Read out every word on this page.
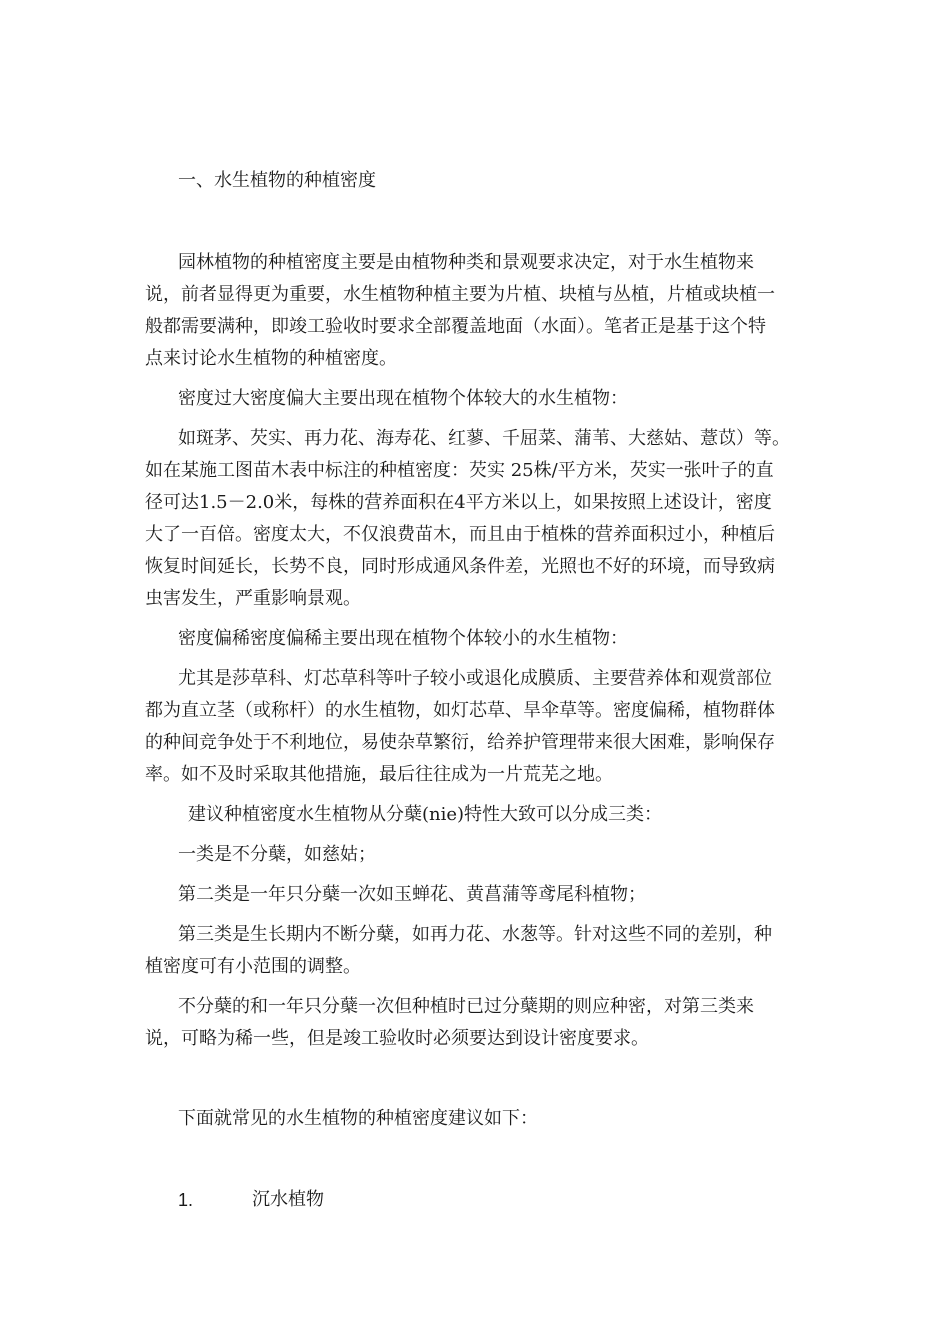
一、水生植物的种植密度
园林植物的种植密度主要是由植物种类和景观要求决定，对于水生植物来
说，前者显得更为重要，水生植物种植主要为片植、块植与丛植，片植或块植一
般都需要满种，即竣工验收时要求全部覆盖地面（水面）。笔者正是基于这个特
点来讨论水生植物的种植密度。
密度过大密度偏大主要出现在植物个体较大的水生植物：
如斑茅、芡实、再力花、海寿花、红蓼、千屈菜、蒲苇、大慈姑、薏苡）等。
如在某施工图苗木表中标注的种植密度：芡实 25株/平方米，芡实一张叶子的直
径可达1.5－2.0米，每株的营养面积在4平方米以上，如果按照上述设计，密度
大了一百倍。密度太大，不仅浪费苗木，而且由于植株的营养面积过小，种植后
恢复时间延长，长势不良，同时形成通风条件差，光照也不好的环境，而导致病
虫害发生，严重影响景观。
密度偏稀密度偏稀主要出现在植物个体较小的水生植物：
尤其是莎草科、灯芯草科等叶子较小或退化成膜质、主要营养体和观赏部位
都为直立茎（或称杆）的水生植物，如灯芯草、旱伞草等。密度偏稀，植物群体
的种间竞争处于不利地位，易使杂草繁衍，给养护管理带来很大困难，影响保存
率。如不及时采取其他措施，最后往往成为一片荒芜之地。
建议种植密度水生植物从分蘖(nie)特性大致可以分成三类：
一类是不分蘖，如慈姑；
第二类是一年只分蘖一次如玉蝉花、黄菖蒲等鸢尾科植物；
第三类是生长期内不断分蘖，如再力花、水葱等。针对这些不同的差别，种
植密度可有小范围的调整。
不分蘖的和一年只分蘖一次但种植时已过分蘖期的则应种密，对第三类来
说，可略为稀一些，但是竣工验收时必须要达到设计密度要求。
下面就常见的水生植物的种植密度建议如下：
1.	沉水植物
